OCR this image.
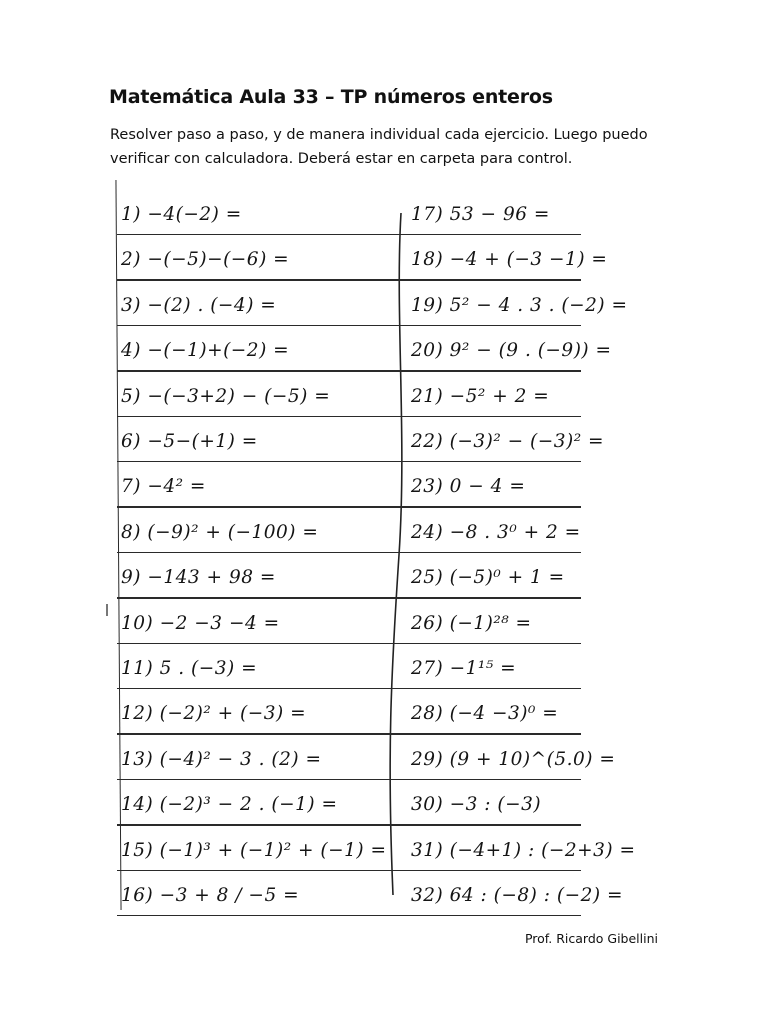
Matemática Aula 33 – TP números enteros

Resolver paso a paso, y de manera individual cada ejercicio. Luego puedo verificar con calculadora. Deberá estar en carpeta para control.

1) −4(−2) =
2) −(−5)−(−6) =
3) −(2) . (−4) =
4) −(−1)+(−2) =
5) −(−3+2) − (−5) =
6) −5−(+1) =
7) −4² =
8) (−9)² + (−100) =
9) −143 + 98 =
10) −2 −3 −4 =
11) 5 . (−3) =
12) (−2)² + (−3) =
13) (−4)² − 3 . (2) =
14) (−2)³ − 2 . (−1) =
15) (−1)³ + (−1)² + (−1) =
16) −3 + 8 / −5 =
17) 53 − 96 =
18) −4 + (−3 −1) =
19) 5² − 4 . 3 . (−2) =
20) 9² − (9 . (−9)) =
21) −5² + 2 =
22) (−3)² − (−3)² =
23) 0 − 4 =
24) −8 . 3⁰ + 2 =
25) (−5)⁰ + 1 =
26) (−1)²⁸ =
27) −1¹⁵ =
28) (−4 −3)⁰ =
29) (9 + 10)^(5.0) =
30) −3 : (−3)
31) (−4+1) : (−2+3) =
32) 64 : (−8) : (−2) =

Prof. Ricardo Gibellini
